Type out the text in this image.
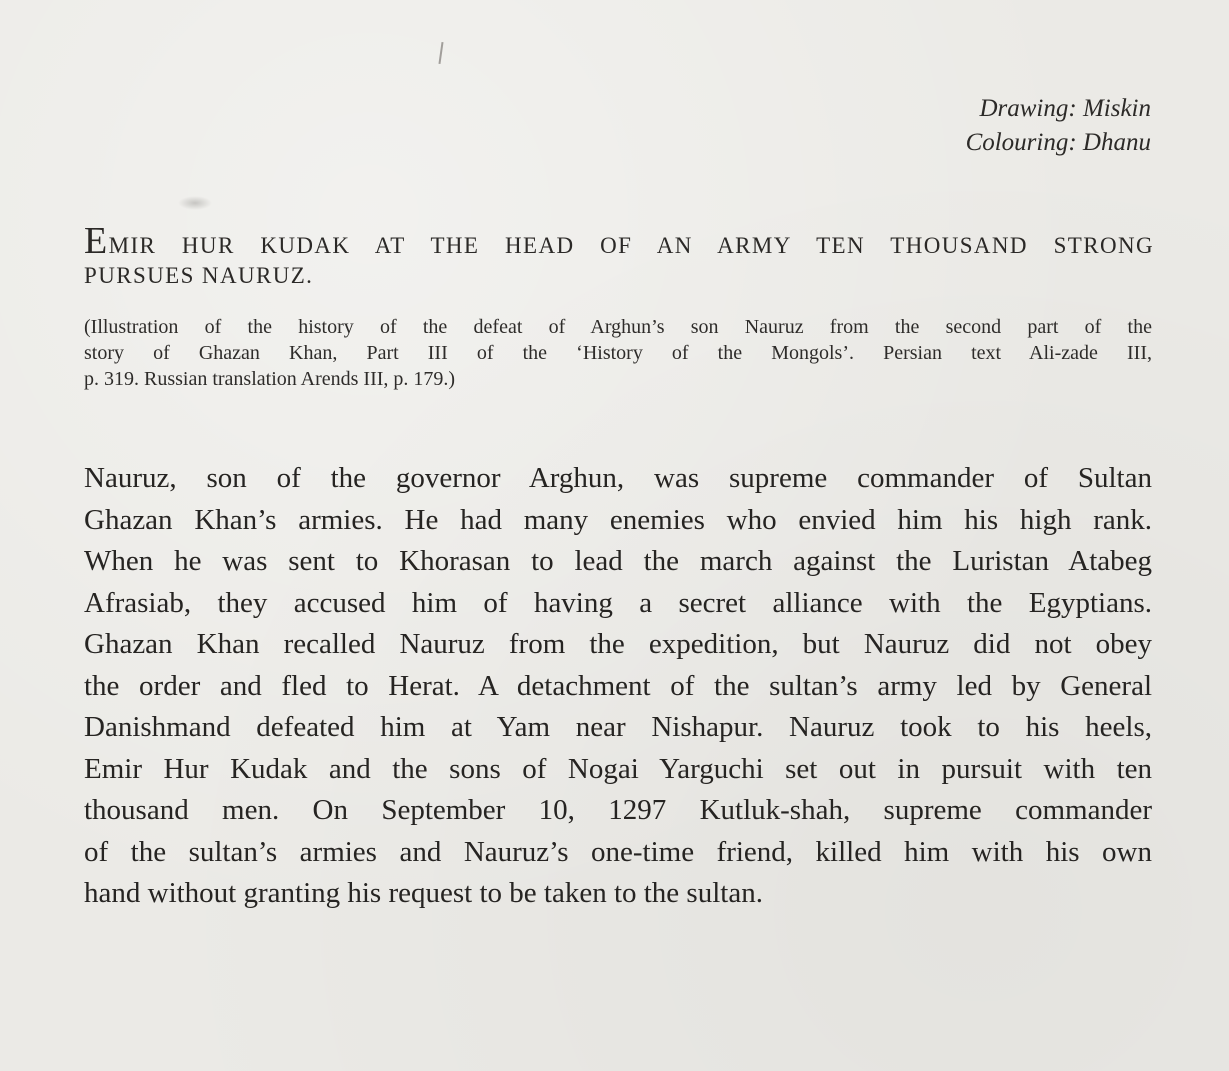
Drawing: Miskin
Colouring: Dhanu
EMIR HUR KUDAK AT THE HEAD OF AN ARMY TEN THOUSAND STRONG
PURSUES NAURUZ.
(Illustration of the history of the defeat of Arghun’s son Nauruz from the second part of the
story of Ghazan Khan, Part III of the ‘History of the Mongols’. Persian text Ali-zade III,
p. 319. Russian translation Arends III, p. 179.)
Nauruz, son of the governor Arghun, was supreme commander of Sultan
Ghazan Khan’s armies. He had many enemies who envied him his high rank.
When he was sent to Khorasan to lead the march against the Luristan Atabeg
Afrasiab, they accused him of having a secret alliance with the Egyptians.
Ghazan Khan recalled Nauruz from the expedition, but Nauruz did not obey
the order and fled to Herat. A detachment of the sultan’s army led by General
Danishmand defeated him at Yam near Nishapur. Nauruz took to his heels,
Emir Hur Kudak and the sons of Nogai Yarguchi set out in pursuit with ten
thousand men. On September 10, 1297 Kutluk-shah, supreme commander
of the sultan’s armies and Nauruz’s one-time friend, killed him with his own
hand without granting his request to be taken to the sultan.
